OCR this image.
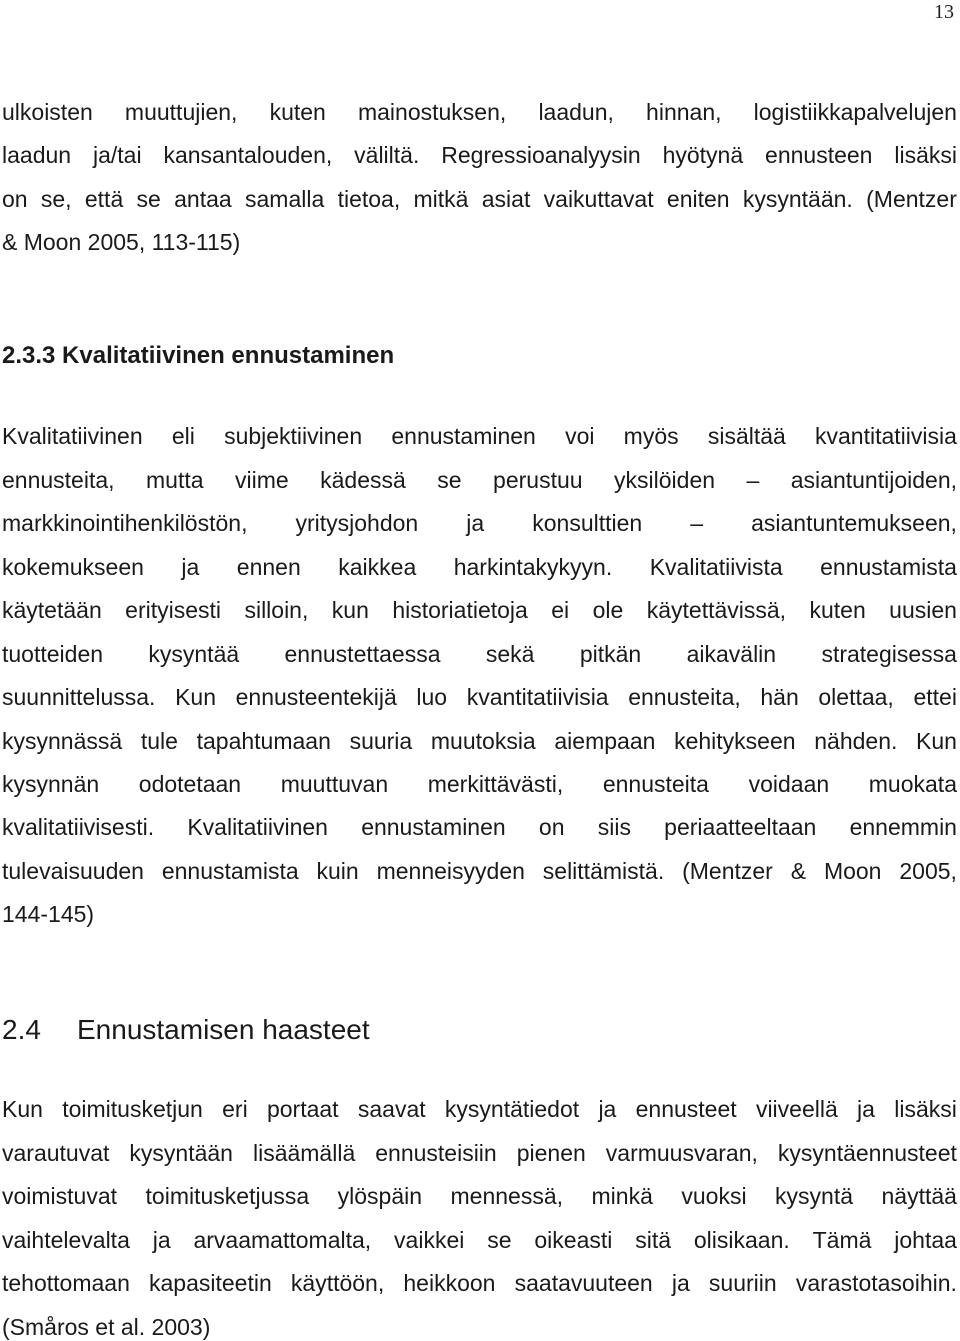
13
ulkoisten muuttujien, kuten mainostuksen, laadun, hinnan, logistiikkapalvelujen
laadun ja/tai kansantalouden, väliltä. Regressioanalyysin hyötynä ennusteen lisäksi
on se, että se antaa samalla tietoa, mitkä asiat vaikuttavat eniten kysyntään. (Mentzer
& Moon 2005, 113-115)
2.3.3 Kvalitatiivinen ennustaminen
Kvalitatiivinen eli subjektiivinen ennustaminen voi myös sisältää kvantitatiivisia
ennusteita, mutta viime kädessä se perustuu yksilöiden – asiantuntijoiden,
markkinointihenkilöstön, yritysjohdon ja konsulttien – asiantuntemukseen,
kokemukseen ja ennen kaikkea harkintakykyyn. Kvalitatiivista ennustamista
käytetään erityisesti silloin, kun historiatietoja ei ole käytettävissä, kuten uusien
tuotteiden kysyntää ennustettaessa sekä pitkän aikavälin strategisessa
suunnittelussa. Kun ennusteentekijä luo kvantitatiivisia ennusteita, hän olettaa, ettei
kysynnässä tule tapahtumaan suuria muutoksia aiempaan kehitykseen nähden. Kun
kysynnän odotetaan muuttuvan merkittävästi, ennusteita voidaan muokata
kvalitatiivisesti. Kvalitatiivinen ennustaminen on siis periaatteeltaan ennemmin
tulevaisuuden ennustamista kuin menneisyyden selittämistä. (Mentzer & Moon 2005,
144-145)
2.4 Ennustamisen haasteet
Kun toimitusketjun eri portaat saavat kysyntätiedot ja ennusteet viiveellä ja lisäksi
varautuvat kysyntään lisäämällä ennusteisiin pienen varmuusvaran, kysyntäennusteet
voimistuvat toimitusketjussa ylöspäin mennessä, minkä vuoksi kysyntä näyttää
vaihtelevalta ja arvaamattomalta, vaikkei se oikeasti sitä olisikaan. Tämä johtaa
tehottomaan kapasiteetin käyttöön, heikkoon saatavuuteen ja suuriin varastotasoihin.
(Småros et al. 2003)
